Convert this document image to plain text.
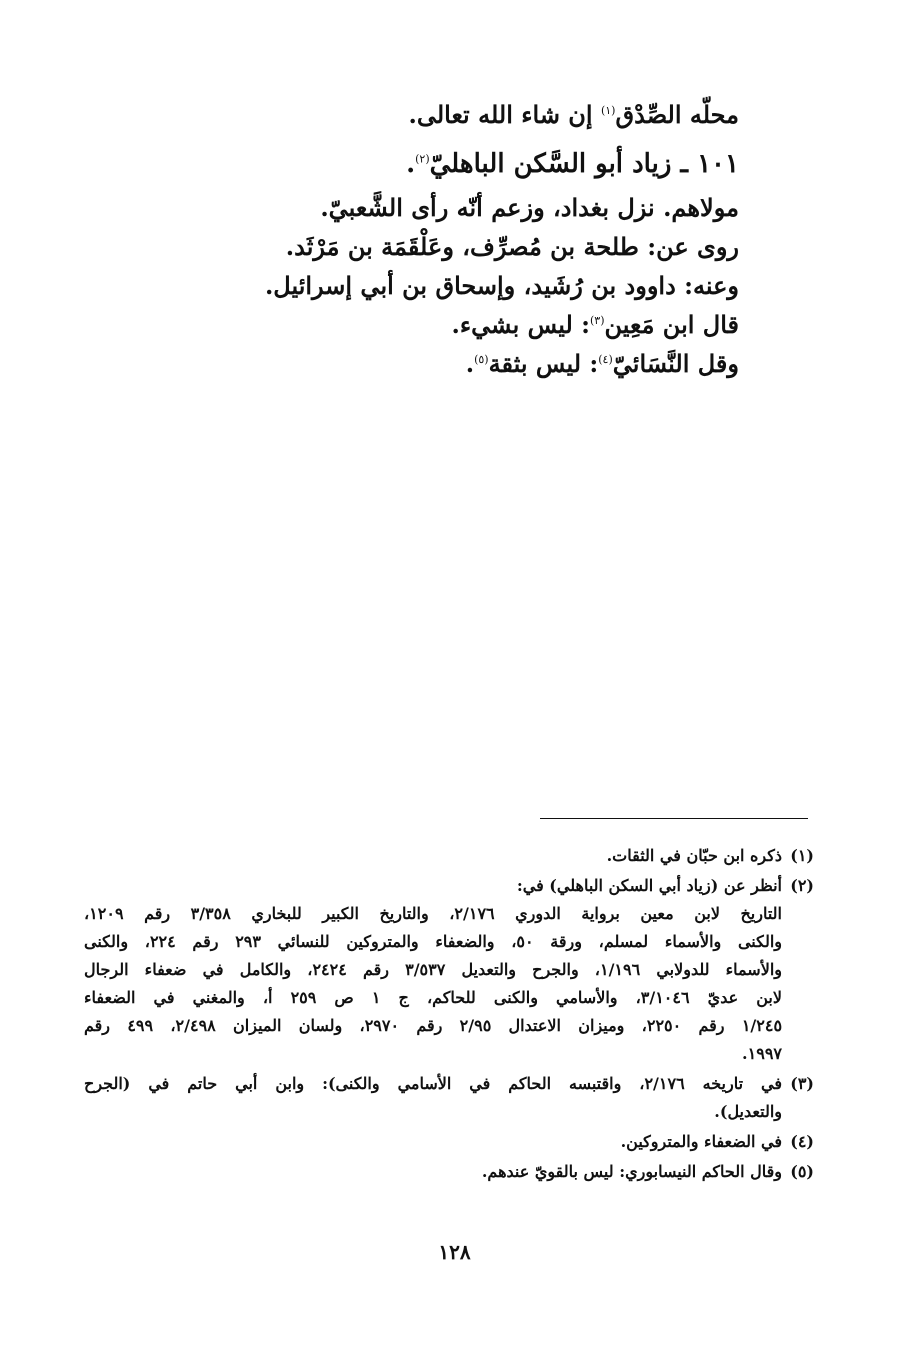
محلّه الصِّدْق$^{(١)}$ إن شاء الله تعالى.
١٠١ ـ زياد أبو السَّكن الباهليّ$^{(٢)}$.
مولاهم. نزل بغداد، وزعم أنّه رأى الشَّعبيّ.
روى عن: طلحة بن مُصرِّف، وعَلْقَمَة بن مَرْثَد.
وعنه: داوود بن رُشَيد، وإسحاق بن أبي إسرائيل.
قال ابن مَعِين$^{(٣)}$: ليس بشيء.
وقل النَّسَائيّ$^{(٤)}$: ليس بثقة$^{(٥)}$.
(١)
ذكره ابن حبّان في الثقات.
(٢)
أنظر عن (زياد أبي السكن الباهلي) في:
التاريخ لابن معين برواية الدوري ٢/١٧٦، والتاريخ الكبير للبخاري ٣/٣٥٨ رقم ١٢٠٩،
والكنى والأسماء لمسلم، ورقة ٥٠، والضعفاء والمتروكين للنسائي ٢٩٣ رقم ٢٢٤، والكنى
والأسماء للدولابي ١/١٩٦، والجرح والتعديل ٣/٥٣٧ رقم ٢٤٢٤، والكامل في ضعفاء الرجال
لابن عديّ ٣/١٠٤٦، والأسامي والكنى للحاكم، ج ١ ص ٢٥٩ أ، والمغني في الضعفاء
١/٢٤٥ رقم ٢٢٥٠، وميزان الاعتدال ٢/٩٥ رقم ٢٩٧٠، ولسان الميزان ٢/٤٩٨، ٤٩٩ رقم
١٩٩٧.
(٣)
في تاريخه ٢/١٧٦، واقتبسه الحاكم في الأسامي والكنى): وابن أبي حاتم في (الجرح
والتعديل).
(٤)
في الضعفاء والمتروكين.
(٥)
وقال الحاكم النيسابوري: ليس بالقويّ عندهم.
١٢٨
